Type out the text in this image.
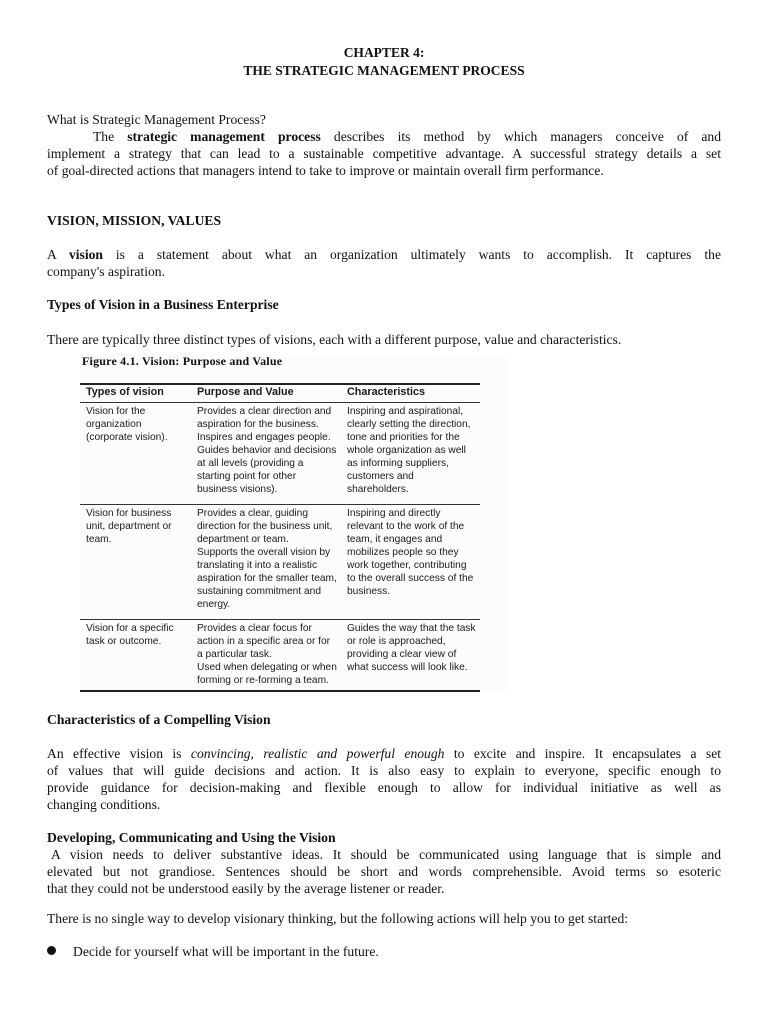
CHAPTER 4:
THE STRATEGIC MANAGEMENT PROCESS
What is Strategic Management Process?
The strategic management process describes its method by which managers conceive of and
implement a strategy that can lead to a sustainable competitive advantage. A successful strategy details a set
of goal-directed actions that managers intend to take to improve or maintain overall firm performance.
VISION, MISSION, VALUES
A vision is a statement about what an organization ultimately wants to accomplish. It captures the
company's aspiration.
Types of Vision in a Business Enterprise
There are typically three distinct types of visions, each with a different purpose, value and characteristics.
Figure 4.1. Vision: Purpose and Value
Types of vision	Purpose and Value	Characteristics
Vision for the
organization
(corporate vision).
Provides a clear direction and
aspiration for the business.
Inspires and engages people.
Guides behavior and decisions
at all levels (providing a
starting point for other
business visions).
Inspiring and aspirational,
clearly setting the direction,
tone and priorities for the
whole organization as well
as informing suppliers,
customers and
shareholders.
Vision for business
unit, department or
team.
Provides a clear, guiding
direction for the business unit,
department or team.
Supports the overall vision by
translating it into a realistic
aspiration for the smaller team,
sustaining commitment and
energy.
Inspiring and directly
relevant to the work of the
team, it engages and
mobilizes people so they
work together, contributing
to the overall success of the
business.
Vision for a specific
task or outcome.
Provides a clear focus for
action in a specific area or for
a particular task.
Used when delegating or when
forming or re-forming a team.
Guides the way that the task
or role is approached,
providing a clear view of
what success will look like.
Characteristics of a Compelling Vision
An effective vision is convincing, realistic and powerful enough to excite and inspire. It encapsulates a set
of values that will guide decisions and action. It is also easy to explain to everyone, specific enough to
provide guidance for decision-making and flexible enough to allow for individual initiative as well as
changing conditions.
Developing, Communicating and Using the Vision
A vision needs to deliver substantive ideas. It should be communicated using language that is simple and
elevated but not grandiose. Sentences should be short and words comprehensible. Avoid terms so esoteric
that they could not be understood easily by the average listener or reader.
There is no single way to develop visionary thinking, but the following actions will help you to get started:
Decide for yourself what will be important in the future.
